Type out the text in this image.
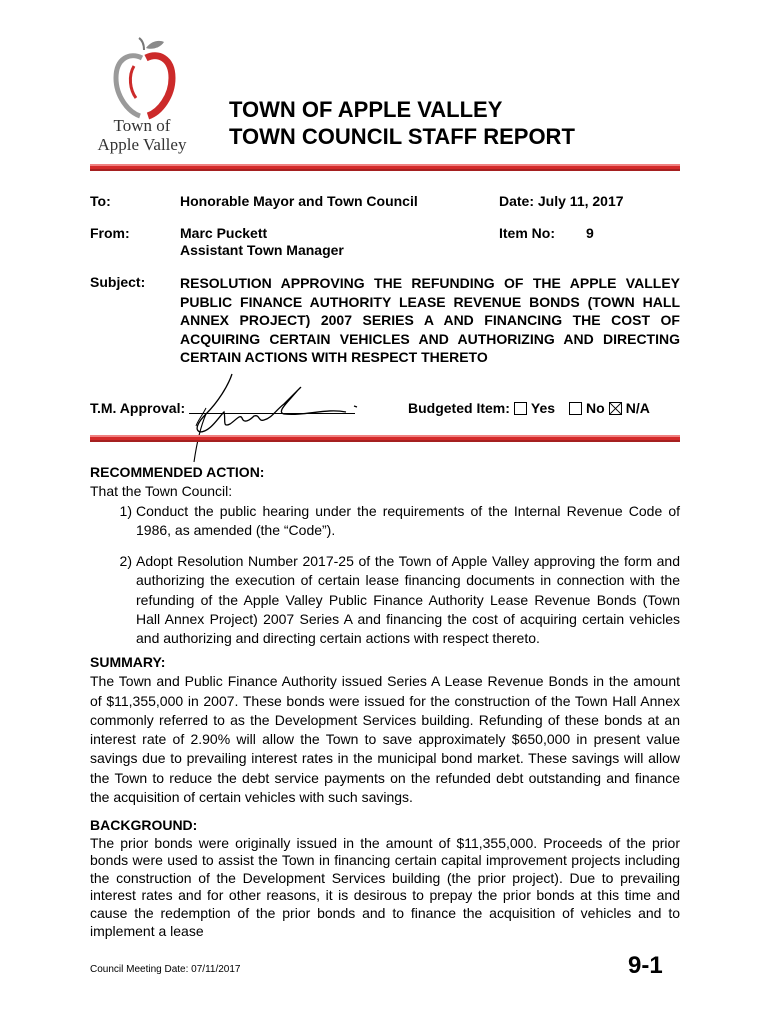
Town of
Apple Valley
TOWN OF APPLE VALLEY
TOWN COUNCIL STAFF REPORT
To:	Honorable Mayor and Town Council	Date: July 11, 2017
From:	Marc Puckett
Assistant Town Manager
Item No: 9
Subject: RESOLUTION APPROVING THE REFUNDING OF THE APPLE VALLEY PUBLIC FINANCE AUTHORITY LEASE REVENUE BONDS (TOWN HALL ANNEX PROJECT) 2007 SERIES A AND FINANCING THE COST OF ACQUIRING CERTAIN VEHICLES AND AUTHORIZING AND DIRECTING CERTAIN ACTIONS WITH RESPECT THERETO
T.M. Approval:	Budgeted Item: Yes No N/A
RECOMMENDED ACTION:
That the Town Council:
1) Conduct the public hearing under the requirements of the Internal Revenue Code of 1986, as amended (the “Code”).
2) Adopt Resolution Number 2017-25 of the Town of Apple Valley approving the form and authorizing the execution of certain lease financing documents in connection with the refunding of the Apple Valley Public Finance Authority Lease Revenue Bonds (Town Hall Annex Project) 2007 Series A and financing the cost of acquiring certain vehicles and authorizing and directing certain actions with respect thereto.
SUMMARY:

The Town and Public Finance Authority issued Series A Lease Revenue Bonds in the amount of $11,355,000 in 2007. These bonds were issued for the construction of the Town Hall Annex commonly referred to as the Development Services building. Refunding of these bonds at an interest rate of 2.90% will allow the Town to save approximately $650,000 in present value savings due to prevailing interest rates in the municipal bond market. These savings will allow the Town to reduce the debt service payments on the refunded debt outstanding and finance the acquisition of certain vehicles with such savings.

BACKGROUND:

The prior bonds were originally issued in the amount of $11,355,000. Proceeds of the prior bonds were used to assist the Town in financing certain capital improvement projects including the construction of the Development Services building (the prior project). Due to prevailing interest rates and for other reasons, it is desirous to prepay the prior bonds at this time and cause the redemption of the prior bonds and to finance the acquisition of vehicles and to implement a lease

Council Meeting Date: 07/11/2017	9-1
